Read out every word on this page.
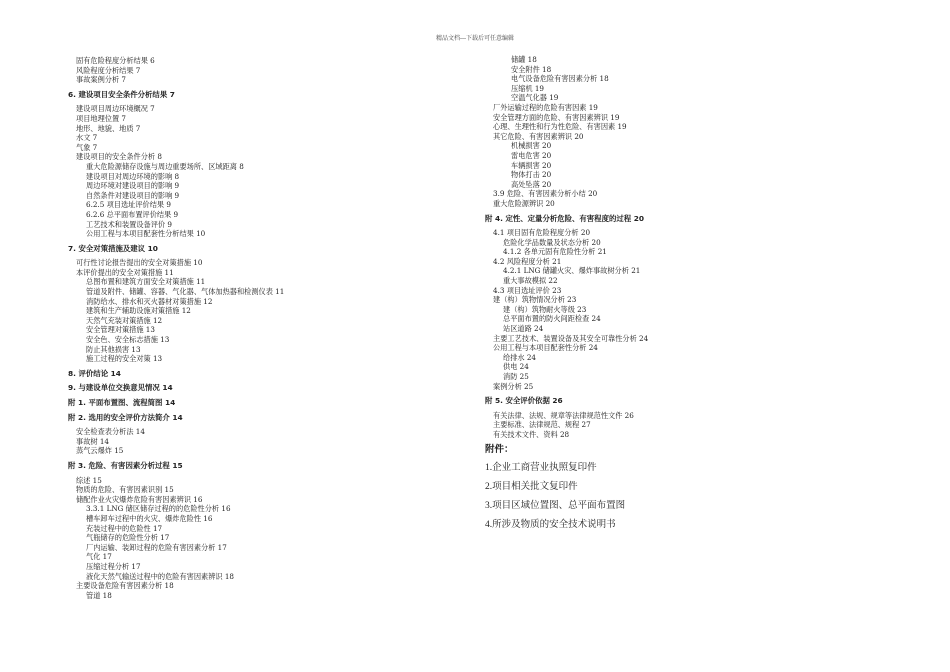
精品文档---下载后可任意编辑
固有危险程度分析结果 6
风险程度分析结果 7
事故案例分析 7
6. 建设项目安全条件分析结果 7
建设项目周边环境概况 7
项目地理位置 7
地形、地貌、地质 7
水文 7
气象 7
建设项目的安全条件分析 8
重大危险源储存设施与周边重要场所、区域距离 8
建设项目对周边环境的影响 8
周边环境对建设项目的影响 9
自然条件对建设项目的影响 9
6.2.5 项目选址评价结果 9
6.2.6 总平面布置评价结果 9
工艺技术和装置设备评价 9
公用工程与本项目配套性分析结果 10
7. 安全对策措施及建议 10
可行性讨论报告提出的安全对策措施 10
本评价提出的安全对策措施 11
总图布置和建筑方面安全对策措施 11
管道及附件、储罐、容器、气化器、气体加热器和检测仪表 11
消防给水、排水和灭火器材对策措施 12
建筑和生产辅助设施对策措施 12
天然气充装对策措施 12
安全管理对策措施 13
安全色、安全标志措施 13
防止其他损害 13
施工过程的安全对策 13
8. 评价结论 14
9. 与建设单位交换意见情况 14
附 1. 平面布置图、流程简图 14
附 2. 选用的安全评价方法简介 14
安全检查表分析法 14
事故树 14
蒸气云爆炸 15
附 3. 危险、有害因素分析过程 15
综述 15
物质的危险、有害因素识别 15
储配作业火灾爆炸危险有害因素辨识 16
3.3.1 LNG 储区储存过程的的危险性分析 16
槽车卸车过程中的火灾、爆炸危险性 16
充装过程中的危险性 17
气瓶储存的危险性分析 17
厂内运输、装卸过程的危险有害因素分析 17
气化 17
压缩过程分析 17
液化天然气输送过程中的危险有害因素辨识 18
主要设备危险有害因素分析 18
管道 18
储罐 18
安全附件 18
电气设备危险有害因素分析 18
压缩机 19
空温气化器 19
厂外运输过程的危险有害因素 19
安全管理方面的危险、有害因素辨识 19
心理、生理性和行为性危险、有害因素 19
其它危险、有害因素辨识 20
机械损害 20
雷电危害 20
车辆损害 20
物体打击 20
高处坠落 20
3.9 危险、有害因素分析小结 20
重大危险源辨识 20
附 4. 定性、定量分析危险、有害程度的过程 20
4.1 项目固有危险程度分析 20
危险化学品数量及状态分析 20
4.1.2 各单元固有危险性分析 21
4.2 风险程度分析 21
4.2.1 LNG 储罐火灾、爆炸事故树分析 21
重大事故模拟 22
4.3 项目选址评价 23
建（构）筑物情况分析 23
建（构）筑物耐火等级 23
总平面布置的防火间距检查 24
站区道路 24
主要工艺技术、装置设备及其安全可靠性分析 24
公用工程与本项目配套性分析 24
给排水 24
供电 24
消防 25
案例分析 25
附 5. 安全评价依据 26
有关法律、法规、规章等法律规范性文件 26
主要标准、法律规范、规程 27
有关技术文件、资料 28
附件：
1.企业工商营业执照复印件
2.项目相关批文复印件
3.项目区域位置图、总平面布置图
4.所涉及物质的安全技术说明书
